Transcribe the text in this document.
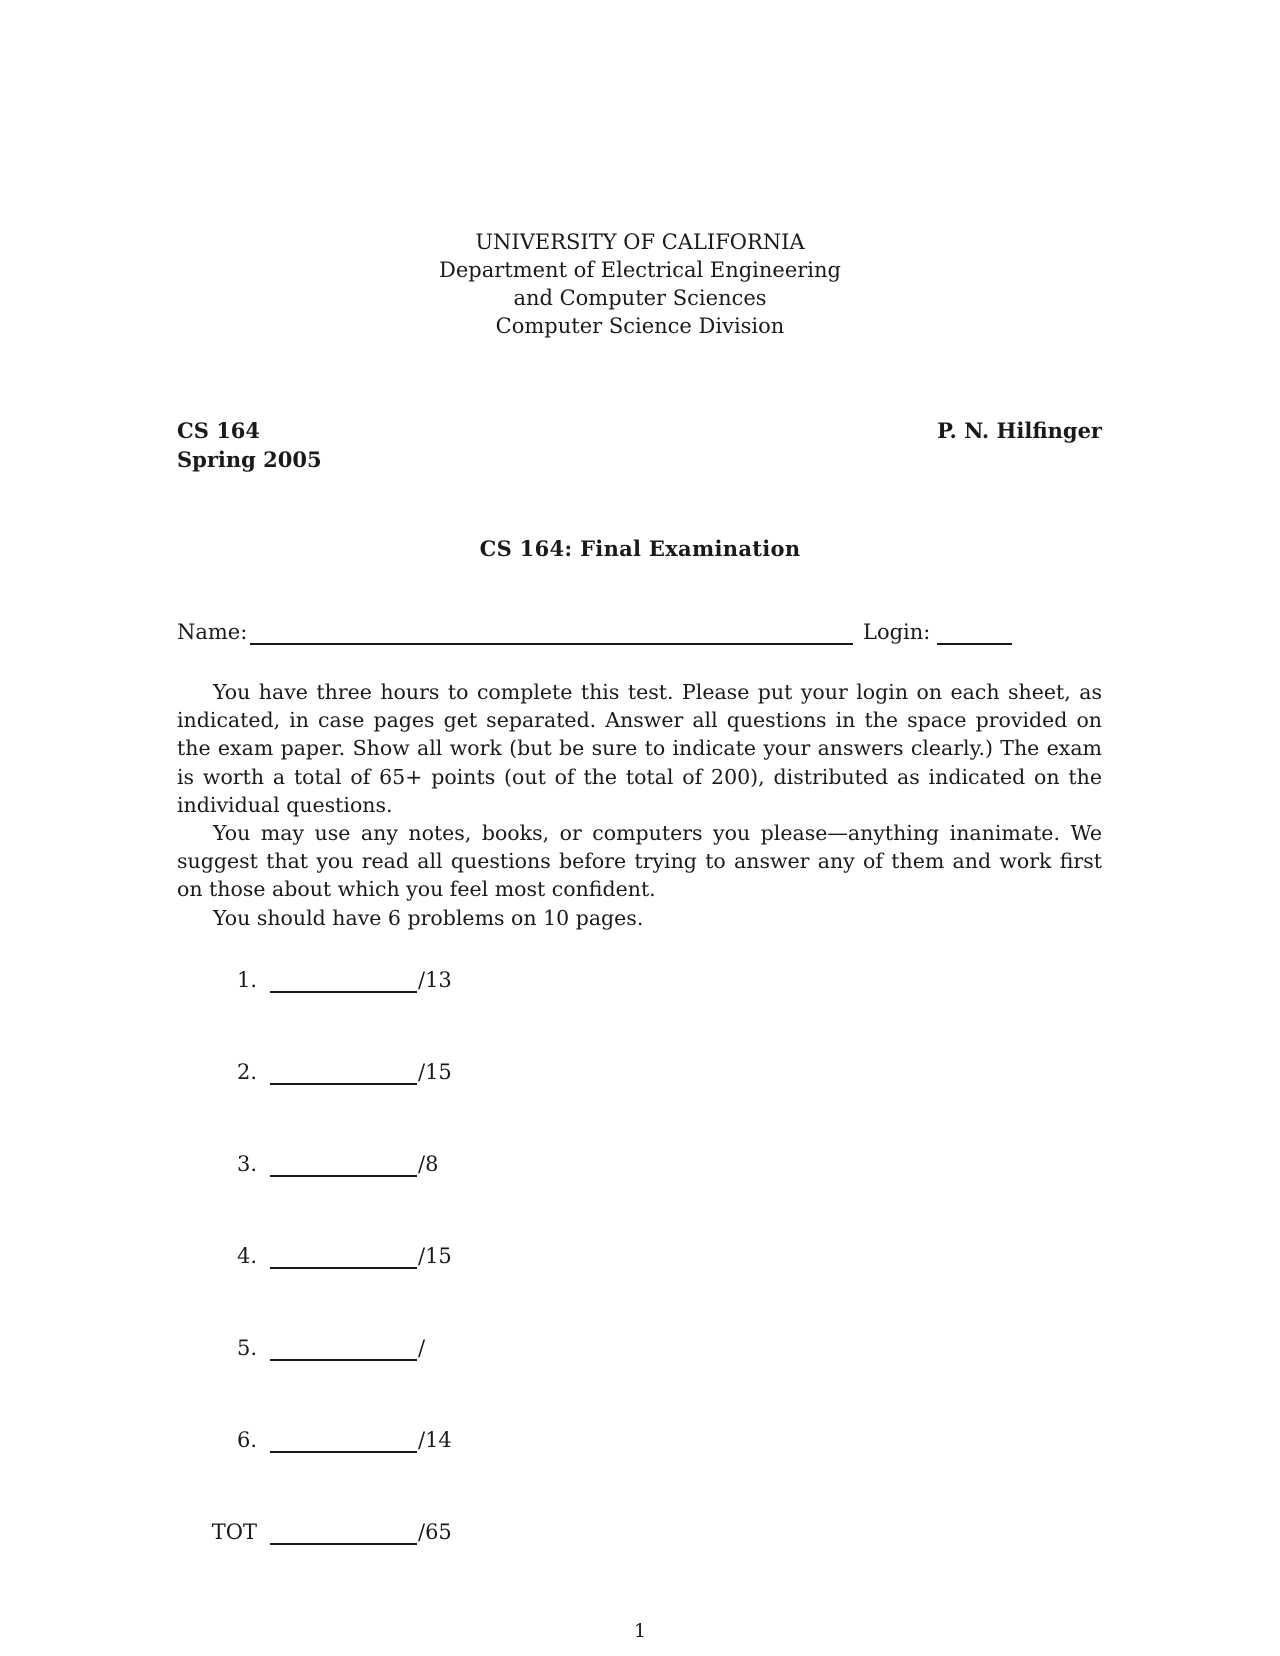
UNIVERSITY OF CALIFORNIA
Department of Electrical Engineering
and Computer Sciences
Computer Science Division
CS 164
Spring 2005
P. N. Hilfinger
CS 164: Final Examination
Name:	Login:

You have three hours to complete this test. Please put your login on each sheet, as indicated, in case pages get separated. Answer all questions in the space provided on the exam paper. Show all work (but be sure to indicate your answers clearly.) The exam is worth a total of 65+ points (out of the total of 200), distributed as indicated on the individual questions.

You may use any notes, books, or computers you please—anything inanimate. We suggest that you read all questions before trying to answer any of them and work first on those about which you feel most confident.

You should have 6 problems on 10 pages.

1.	/13
2.	/15
3.	/8
4.	/15
5.	/
6.	/14
TOT	/65
1
